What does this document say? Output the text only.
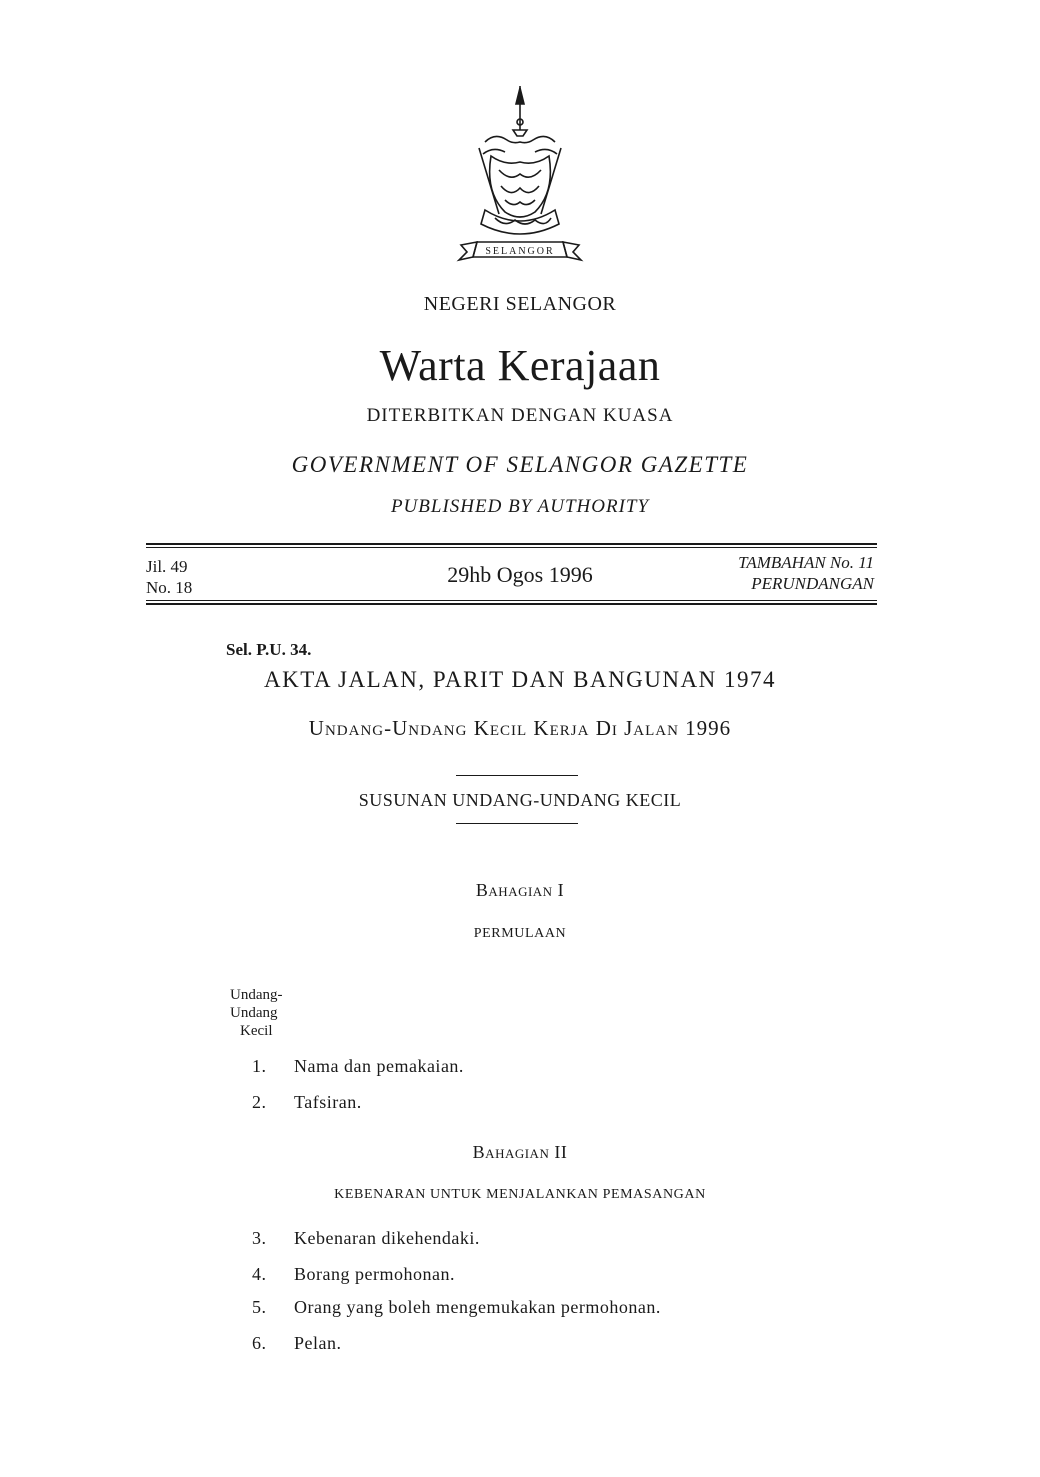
SELANGOR
NEGERI SELANGOR
Warta Kerajaan
DITERBITKAN DENGAN KUASA
GOVERNMENT OF SELANGOR GAZETTE
PUBLISHED BY AUTHORITY
Jil. 49
No. 18
29hb Ogos 1996	TAMBAHAN No. 11
PERUNDANGAN
Sel. P.U. 34.
AKTA JALAN, PARIT DAN BANGUNAN 1974
Undang-Undang Kecil Kerja Di Jalan 1996
SUSUNAN UNDANG-UNDANG KECIL
Bahagian I
PERMULAAN
Undang-
Undang
Kecil
1. Nama dan pemakaian.
2. Tafsiran.
Bahagian II
KEBENARAN UNTUK MENJALANKAN PEMASANGAN
3. Kebenaran dikehendaki.
4. Borang permohonan.
5. Orang yang boleh mengemukakan permohonan.
6. Pelan.
